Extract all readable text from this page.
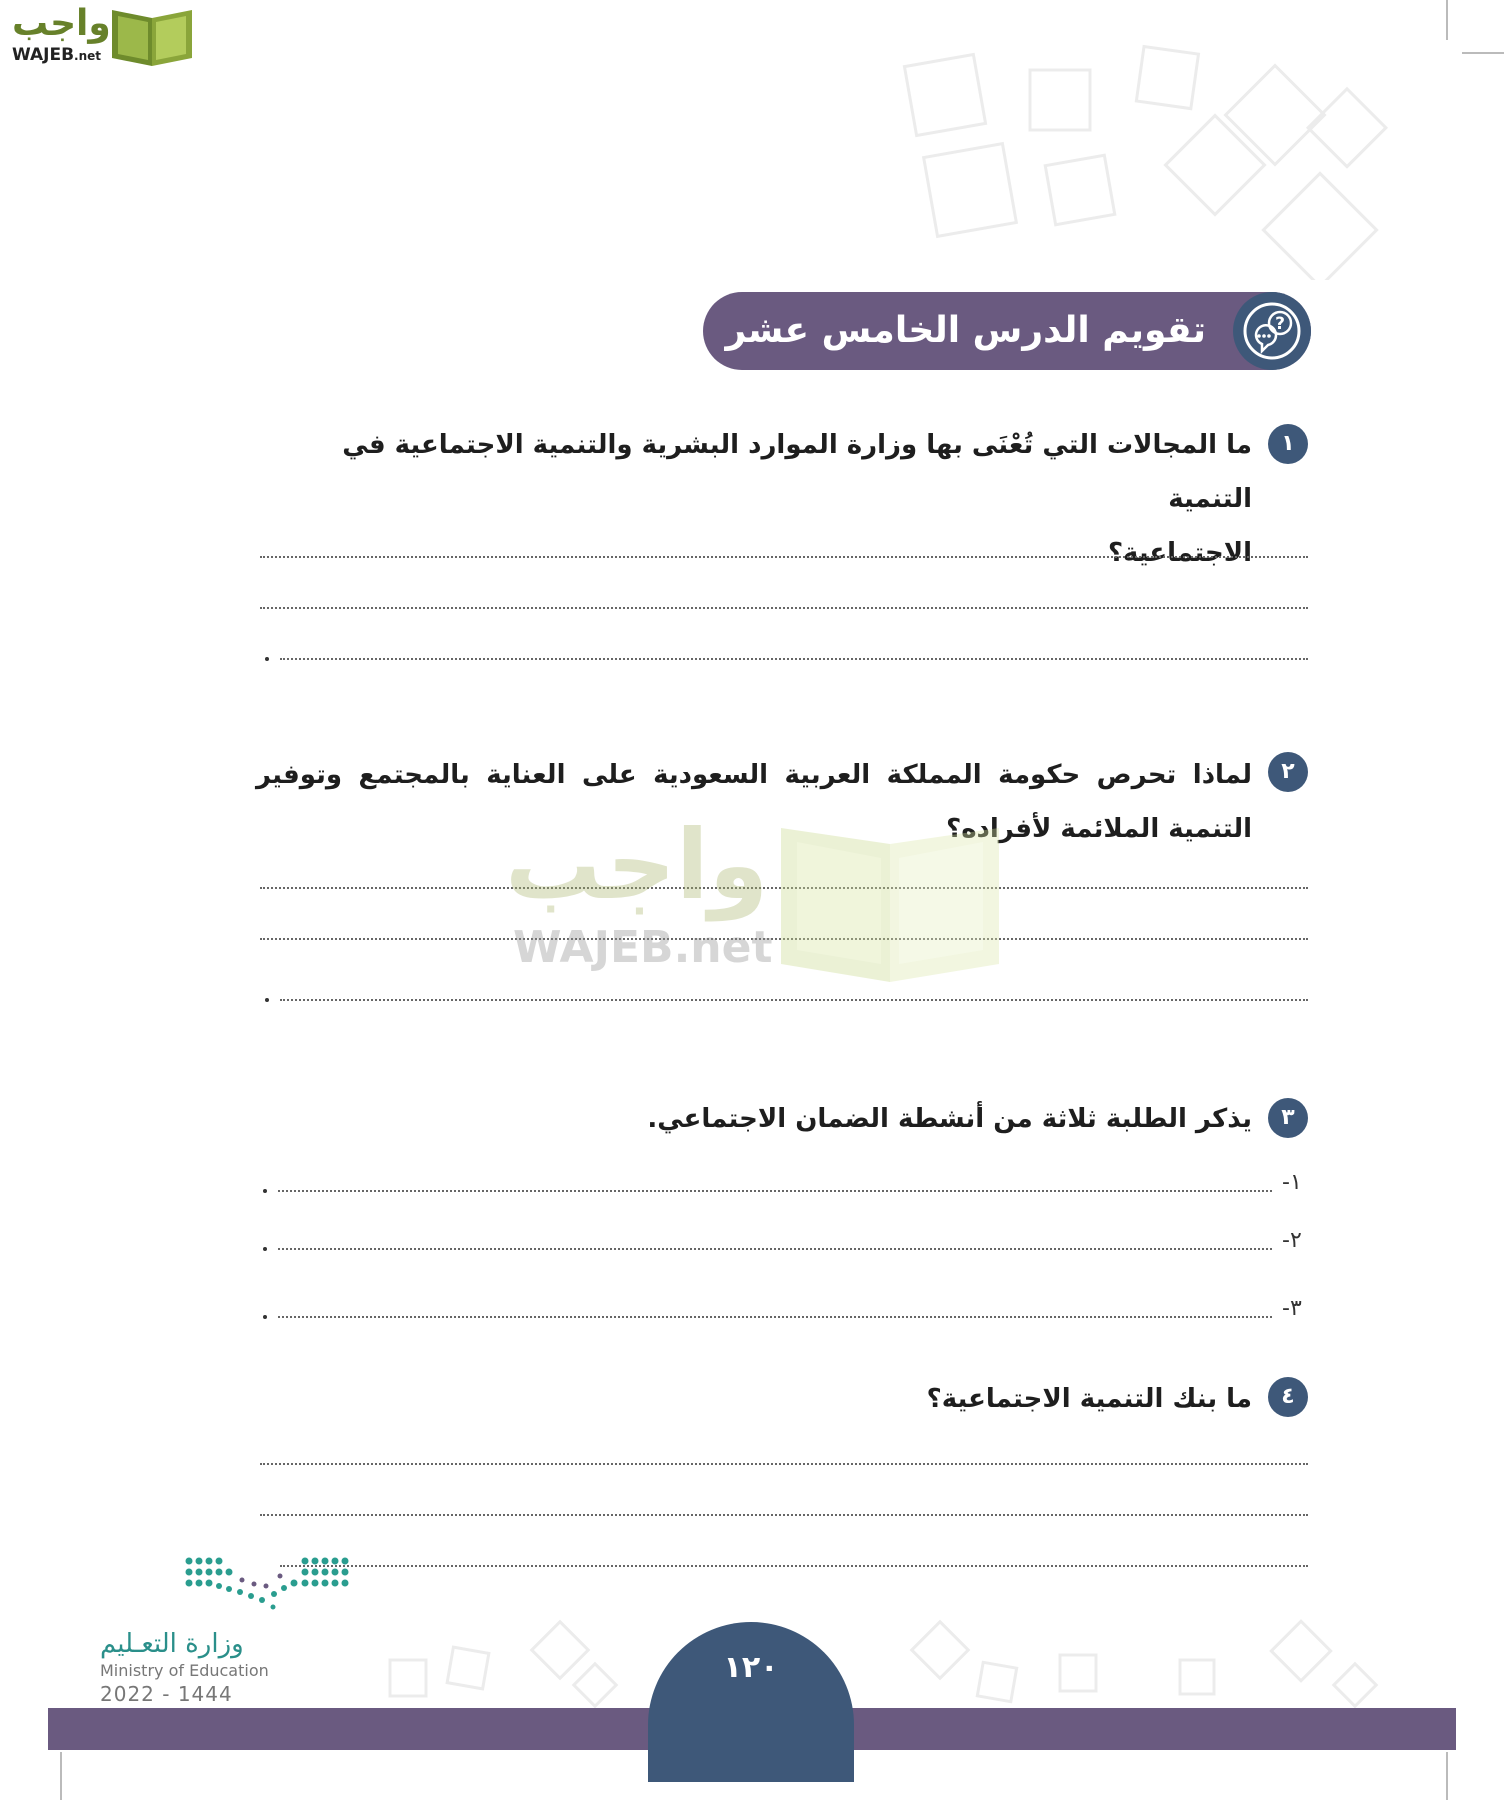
واجب
WAJEB.net
تقويم الدرس الخامس عشر	?
١
ما المجالات التي تُعْنَى بها وزارة الموارد البشرية والتنمية الاجتماعية في التنمية
الاجتماعية؟
٢
لماذا تحرص حكومة المملكة العربية السعودية على العناية بالمجتمع وتوفير
التنمية الملائمة لأفراده؟
واجب
WAJEB.net
٣
يذكر الطلبة ثلاثة من أنشطة الضمان الاجتماعي.
١-
٢-
٣-
٤
ما بنك التنمية الاجتماعية؟
وزارة التعـليم
Ministry of Education
2022 - 1444
١٢٠
